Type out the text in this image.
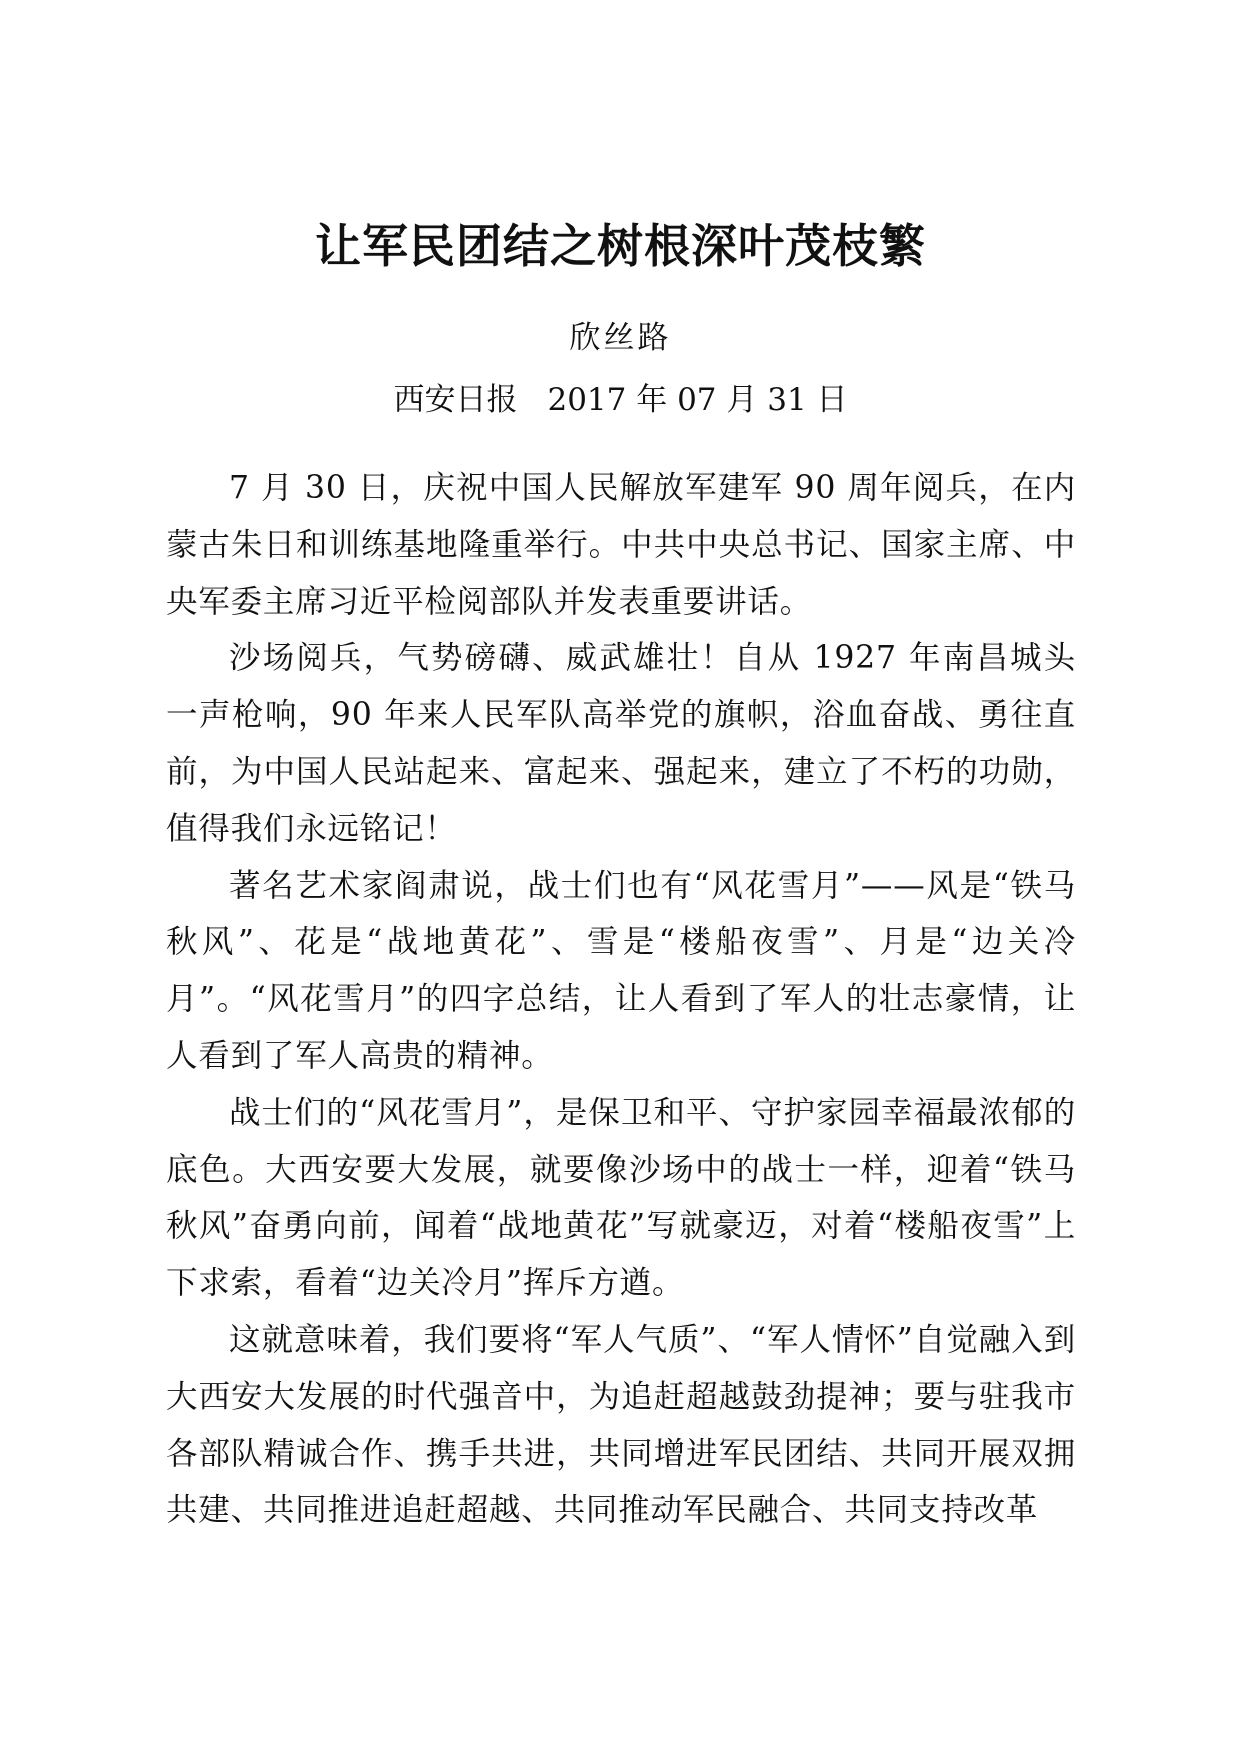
让军民团结之树根深叶茂枝繁

欣丝路

西安日报 2017 年 07 月 31 日

7 月 30 日，庆祝中国人民解放军建军 90 周年阅兵，在内蒙古朱日和训练基地隆重举行。中共中央总书记、国家主席、中央军委主席习近平检阅部队并发表重要讲话。

沙场阅兵，气势磅礴、威武雄壮！自从 1927 年南昌城头一声枪响，90 年来人民军队高举党的旗帜，浴血奋战、勇往直前，为中国人民站起来、富起来、强起来，建立了不朽的功勋，值得我们永远铭记！

著名艺术家阎肃说，战士们也有“风花雪月”——风是“铁马秋风”、花是“战地黄花”、雪是“楼船夜雪”、月是“边关冷月”。“风花雪月”的四字总结，让人看到了军人的壮志豪情，让人看到了军人高贵的精神。

战士们的“风花雪月”，是保卫和平、守护家园幸福最浓郁的底色。大西安要大发展，就要像沙场中的战士一样，迎着“铁马秋风”奋勇向前，闻着“战地黄花”写就豪迈，对着“楼船夜雪”上下求索，看着“边关冷月”挥斥方遒。

这就意味着，我们要将“军人气质”、“军人情怀”自觉融入到大西安大发展的时代强音中，为追赶超越鼓劲提神；要与驻我市各部队精诚合作、携手共进，共同增进军民团结、共同开展双拥共建、共同推进追赶超越、共同推动军民融合、共同支持改革
